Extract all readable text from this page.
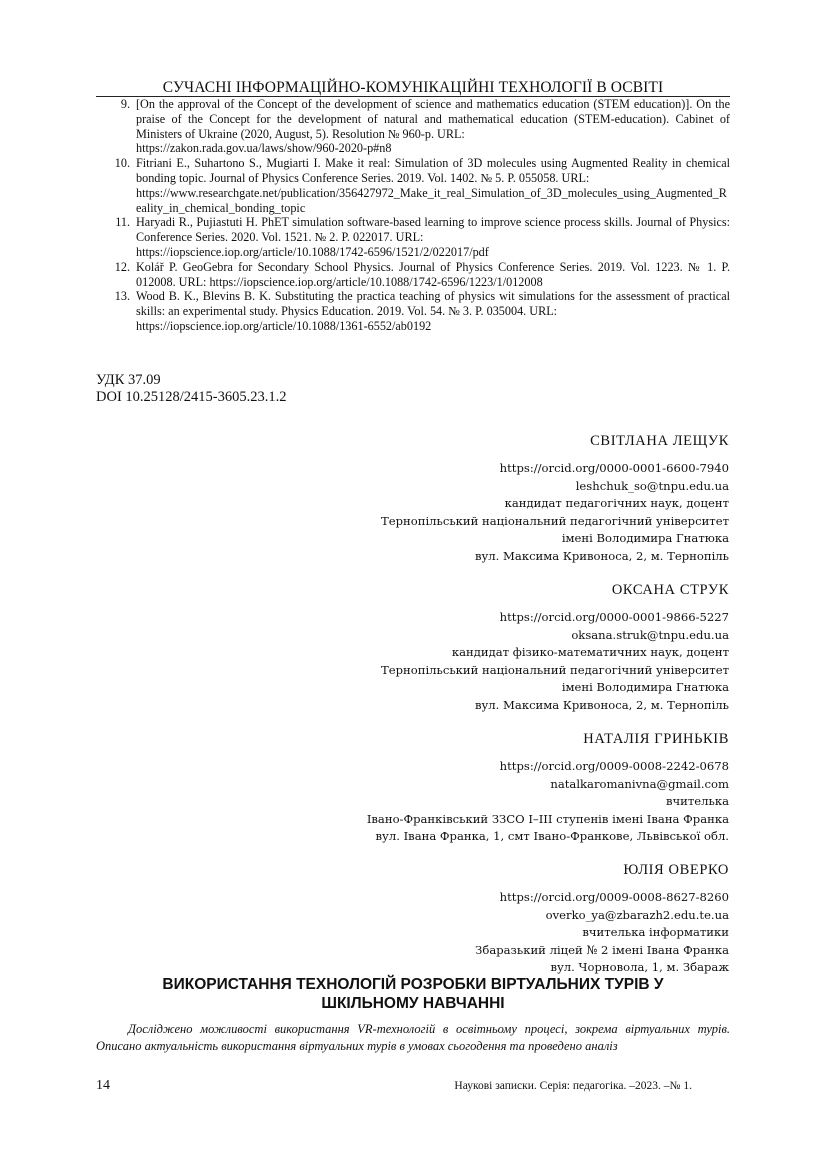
СУЧАСНІ ІНФОРМАЦІЙНО-КОМУНІКАЦІЙНІ ТЕХНОЛОГІЇ В ОСВІТІ
9. [On the approval of the Concept of the development of science and mathematics education (STEM education)]. On the praise of the Concept for the development of natural and mathematical education (STEM-education). Cabinet of Ministers of Ukraine (2020, August, 5). Resolution № 960-р. URL:
https://zakon.rada.gov.ua/laws/show/960-2020-p#n8
10. Fitriani E., Suhartono S., Mugiarti I. Make it real: Simulation of 3D molecules using Augmented Reality in chemical bonding topic. Journal of Physics Conference Series. 2019. Vol. 1402. № 5. P. 055058. URL:
https://www.researchgate.net/publication/356427972_Make_it_real_Simulation_of_3D_molecules_using_Augmented_Reality_in_chemical_bonding_topic
11. Haryadi R., Pujiastuti H. PhET simulation software-based learning to improve science process skills. Journal of Physics: Conference Series. 2020. Vol. 1521. № 2. P. 022017. URL:
https://iopscience.iop.org/article/10.1088/1742-6596/1521/2/022017/pdf
12. Kolář P. GeoGebra for Secondary School Physics. Journal of Physics Conference Series. 2019. Vol. 1223. № 1. P. 012008. URL: https://iopscience.iop.org/article/10.1088/1742-6596/1223/1/012008
13. Wood B. K., Blevins B. K. Substituting the practica teaching of physics wit simulations for the assessment of practical skills: an experimental study. Physics Education. 2019. Vol. 54. № 3. P. 035004. URL:
https://iopscience.iop.org/article/10.1088/1361-6552/ab0192
УДК 37.09
DOI 10.25128/2415-3605.23.1.2
СВІТЛАНА ЛЕЩУК
https://orcid.org/0000-0001-6600-7940
leshchuk_so@tnpu.edu.ua
кандидат педагогічних наук, доцент
Тернопільський національний педагогічний університет
імені Володимира Гнатюка
вул. Максима Кривоноса, 2, м. Тернопіль
ОКСАНА СТРУК
https://orcid.org/0000-0001-9866-5227
oksana.struk@tnpu.edu.ua
кандидат фізико-математичних наук, доцент
Тернопільський національний педагогічний університет
імені Володимира Гнатюка
вул. Максима Кривоноса, 2, м. Тернопіль
НАТАЛІЯ ГРИНЬКІВ
https://orcid.org/0009-0008-2242-0678
natalkaromanivna@gmail.com
вчителька
Івано-Франківський ЗЗСО І–ІІІ ступенів імені Івана Франка
вул. Івана Франка, 1, смт Івано-Франкове, Львівської обл.
ЮЛІЯ ОВЕРКО
https://orcid.org/0009-0008-8627-8260
overko_ya@zbarazh2.edu.te.ua
вчителька інформатики
Збаразький ліцей № 2 імені Івана Франка
вул. Чорновола, 1, м. Збараж
ВИКОРИСТАННЯ ТЕХНОЛОГІЙ РОЗРОБКИ ВІРТУАЛЬНИХ ТУРІВ У
ШКІЛЬНОМУ НАВЧАННІ

Досліджено можливості використання VR-технологій в освітньому процесі, зокрема віртуальних турів. Описано актуальність використання віртуальних турів в умовах сьогодення та проведено аналіз

14	Наукові записки. Серія: педагогіка. –2023. –№ 1.
